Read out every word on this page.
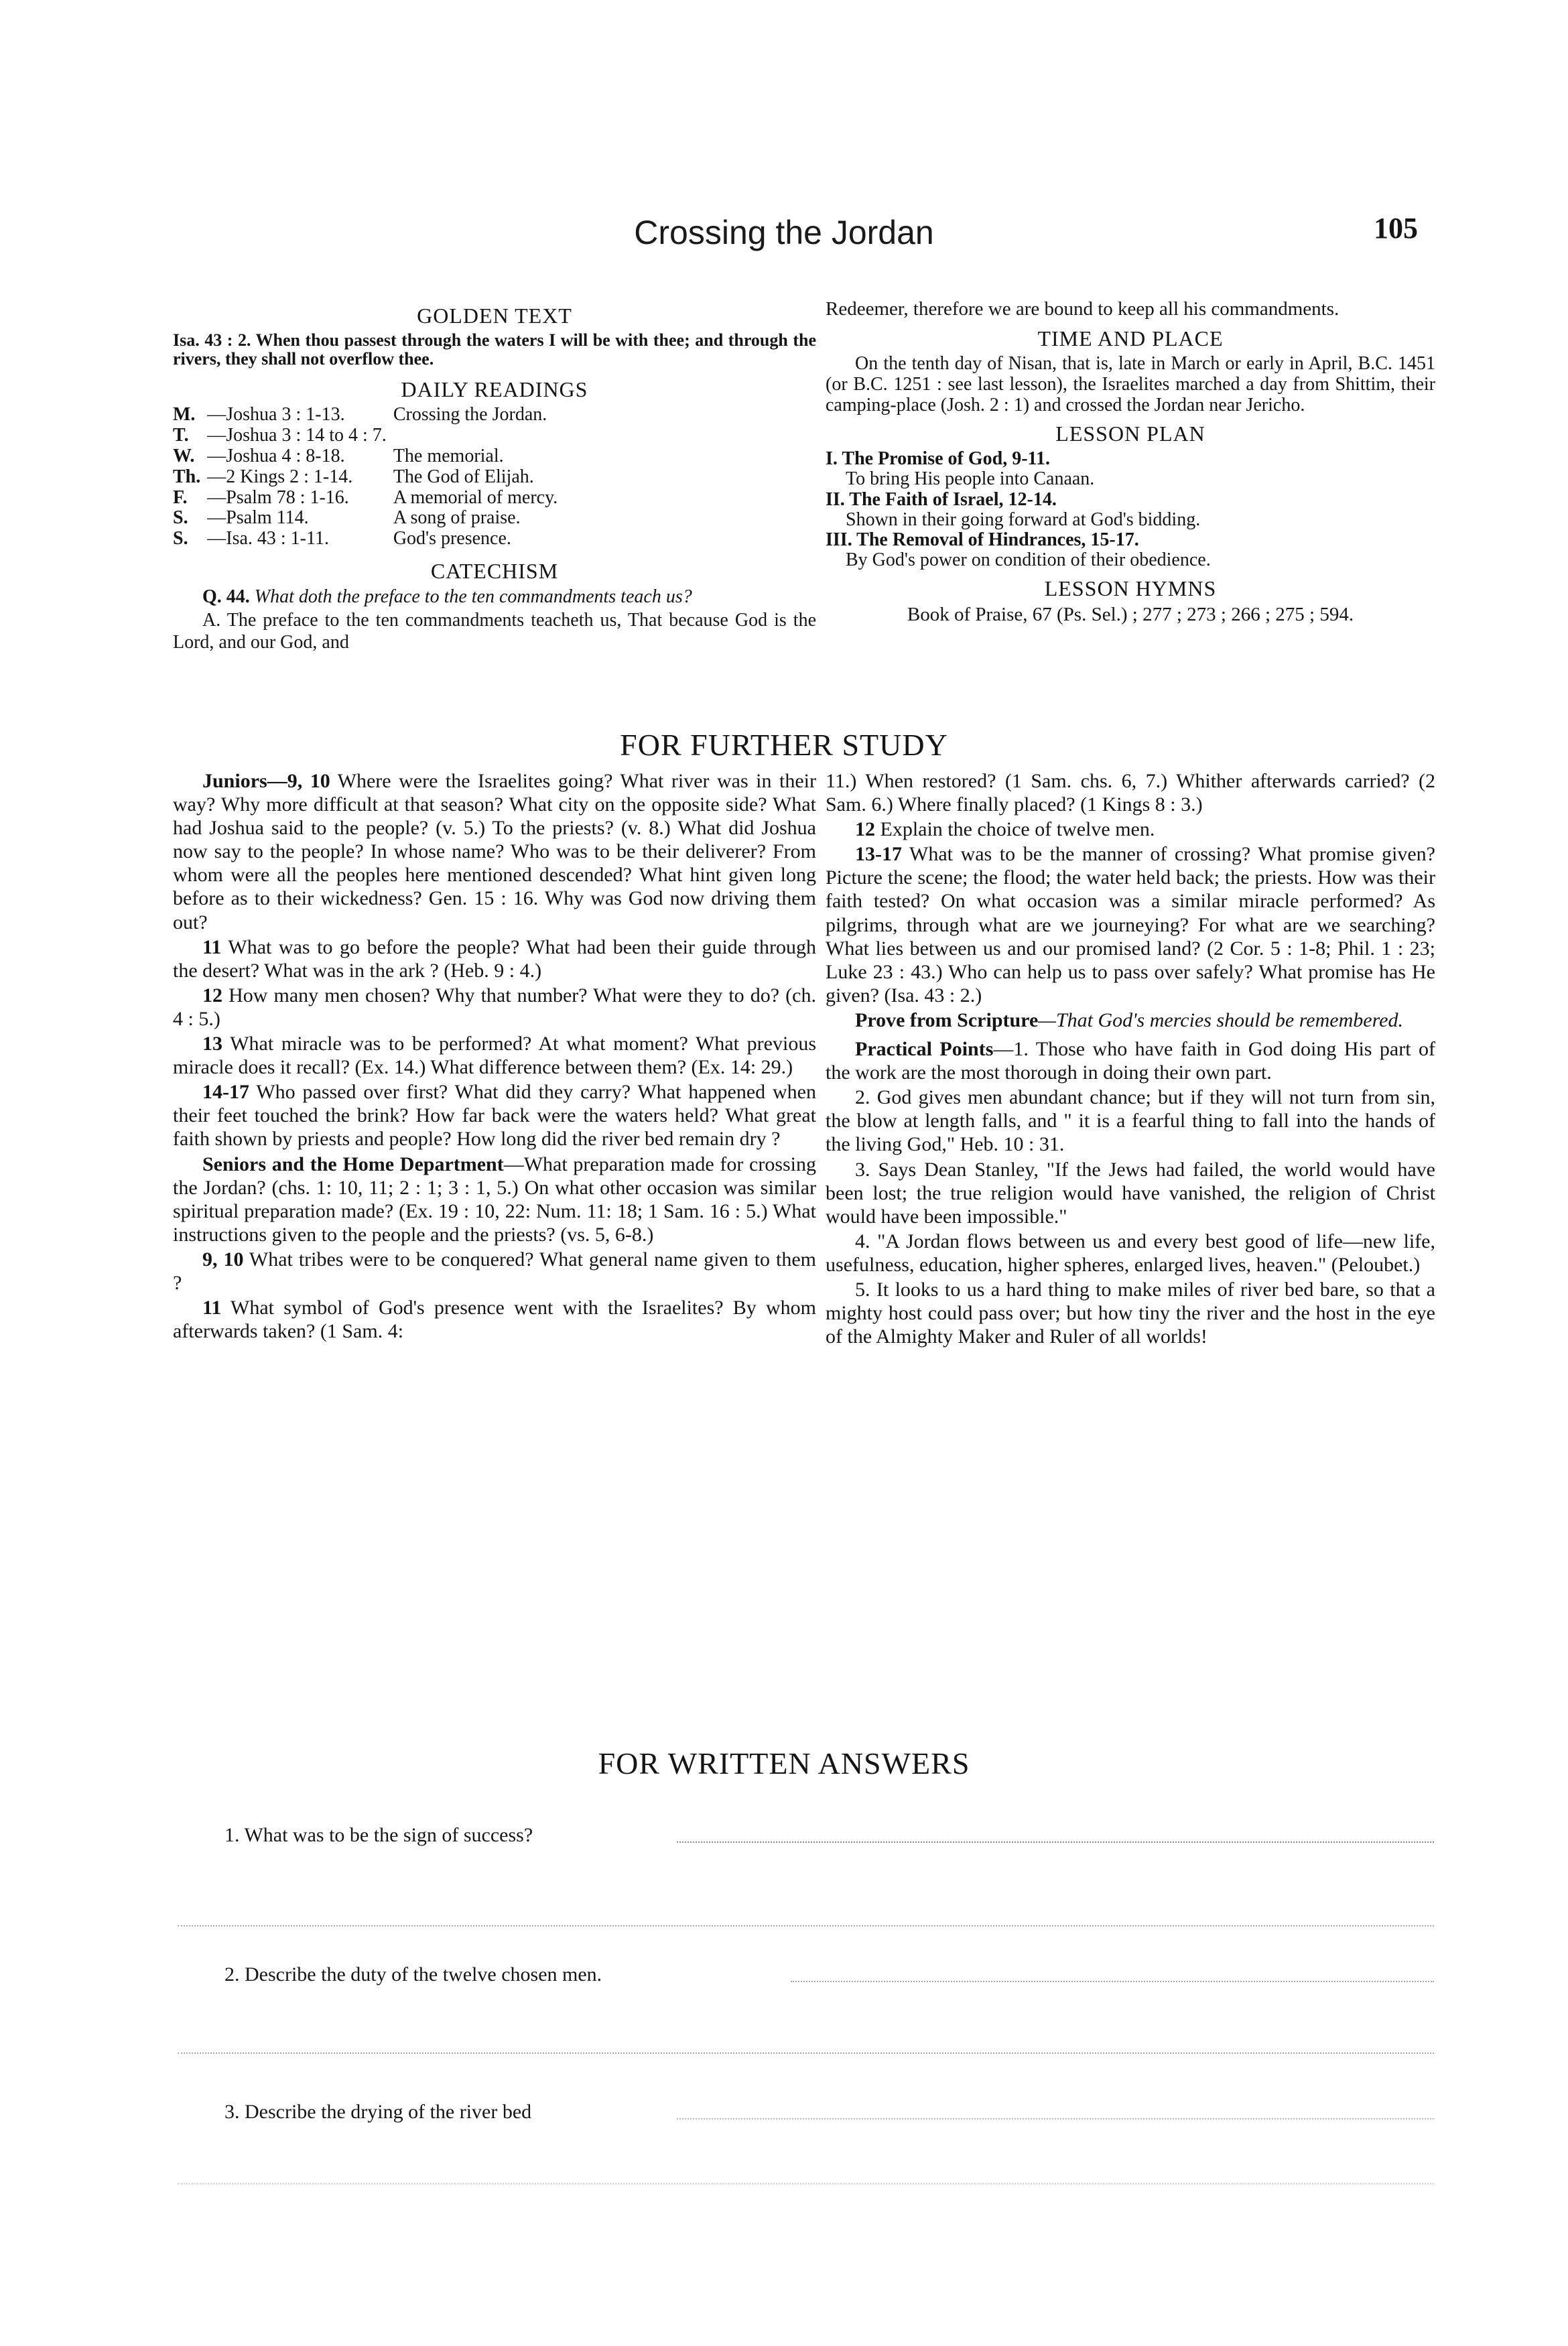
Crossing the Jordan	105
GOLDEN TEXT
Isa. 43 : 2. When thou passest through the waters I will be with thee; and through the rivers, they shall not overflow thee.
DAILY READINGS
M.	—Joshua 3 : 1-13.	Crossing the Jordan.
T.	—Joshua 3 : 14 to 4 : 7.	
W.	—Joshua 4 : 8-18.	The memorial.
Th.	—2 Kings 2 : 1-14.	The God of Elijah.
F.	—Psalm 78 : 1-16.	A memorial of mercy.
S.	—Psalm 114.	A song of praise.
S.	—Isa. 43 : 1-11.	God's presence.
CATECHISM

Q. 44. What doth the preface to the ten commandments teach us?

A. The preface to the ten commandments teacheth us, That because God is the Lord, and our God, and

Redeemer, therefore we are bound to keep all his commandments.

TIME AND PLACE

On the tenth day of Nisan, that is, late in March or early in April, B.C. 1451 (or B.C. 1251 : see last lesson), the Israelites marched a day from Shittim, their camping-place (Josh. 2 : 1) and crossed the Jordan near Jericho.

LESSON PLAN
I. The Promise of God, 9-11.
To bring His people into Canaan.
II. The Faith of Israel, 12-14.
Shown in their going forward at God's bidding.
III. The Removal of Hindrances, 15-17.
By God's power on condition of their obedience.
LESSON HYMNS

Book of Praise, 67 (Ps. Sel.) ; 277 ; 273 ; 266 ; 275 ; 594.

FOR FURTHER STUDY

Juniors—9, 10 Where were the Israelites going? What river was in their way? Why more difficult at that season? What city on the opposite side? What had Joshua said to the people? (v. 5.) To the priests? (v. 8.) What did Joshua now say to the people? In whose name? Who was to be their deliverer? From whom were all the peoples here mentioned descended? What hint given long before as to their wickedness? Gen. 15 : 16. Why was God now driving them out?

11 What was to go before the people? What had been their guide through the desert? What was in the ark ? (Heb. 9 : 4.)

12 How many men chosen? Why that number? What were they to do? (ch. 4 : 5.)

13 What miracle was to be performed? At what moment? What previous miracle does it recall? (Ex. 14.) What difference between them? (Ex. 14: 29.)

14-17 Who passed over first? What did they carry? What happened when their feet touched the brink? How far back were the waters held? What great faith shown by priests and people? How long did the river bed remain dry ?

Seniors and the Home Department—What preparation made for crossing the Jordan? (chs. 1: 10, 11; 2 : 1; 3 : 1, 5.) On what other occasion was similar spiritual preparation made? (Ex. 19 : 10, 22: Num. 11: 18; 1 Sam. 16 : 5.) What instructions given to the people and the priests? (vs. 5, 6-8.)

9, 10 What tribes were to be conquered? What general name given to them ?

11 What symbol of God's presence went with the Israelites? By whom afterwards taken? (1 Sam. 4:

11.) When restored? (1 Sam. chs. 6, 7.) Whither afterwards carried? (2 Sam. 6.) Where finally placed? (1 Kings 8 : 3.)

12 Explain the choice of twelve men.

13-17 What was to be the manner of crossing? What promise given? Picture the scene; the flood; the water held back; the priests. How was their faith tested? On what occasion was a similar miracle performed? As pilgrims, through what are we journeying? For what are we searching? What lies between us and our promised land? (2 Cor. 5 : 1-8; Phil. 1 : 23; Luke 23 : 43.) Who can help us to pass over safely? What promise has He given? (Isa. 43 : 2.)

Prove from Scripture—That God's mercies should be remembered.

Practical Points—1. Those who have faith in God doing His part of the work are the most thorough in doing their own part.

2. God gives men abundant chance; but if they will not turn from sin, the blow at length falls, and " it is a fearful thing to fall into the hands of the living God," Heb. 10 : 31.

3. Says Dean Stanley, "If the Jews had failed, the world would have been lost; the true religion would have vanished, the religion of Christ would have been impossible."

4. "A Jordan flows between us and every best good of life—new life, usefulness, education, higher spheres, enlarged lives, heaven." (Peloubet.)

5. It looks to us a hard thing to make miles of river bed bare, so that a mighty host could pass over; but how tiny the river and the host in the eye of the Almighty Maker and Ruler of all worlds!

FOR WRITTEN ANSWERS
1. What was to be the sign of success?
2. Describe the duty of the twelve chosen men.
3. Describe the drying of the river bed
